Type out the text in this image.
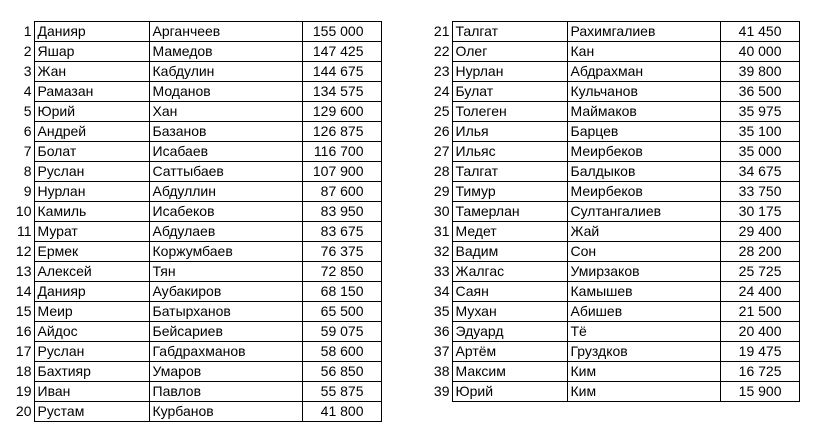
1	Данияр	Арганчеев	155 000
2	Яшар	Мамедов	147 425
3	Жан	Кабдулин	144 675
4	Рамазан	Моданов	134 575
5	Юрий	Хан	129 600
6	Андрей	Базанов	126 875
7	Болат	Исабаев	116 700
8	Руслан	Саттыбаев	107 900
9	Нурлан	Абдуллин	87 600
10	Камиль	Исабеков	83 950
11	Мурат	Абдулаев	83 675
12	Ермек	Коржумбаев	76 375
13	Алексей	Тян	72 850
14	Данияр	Аубакиров	68 150
15	Меир	Батырханов	65 500
16	Айдос	Бейсариев	59 075
17	Руслан	Габдрахманов	58 600
18	Бахтияр	Умаров	56 850
19	Иван	Павлов	55 875
20	Рустам	Курбанов	41 800
21	Талгат	Рахимгалиев	41 450
22	Олег	Кан	40 000
23	Нурлан	Абдрахман	39 800
24	Булат	Кульчанов	36 500
25	Толеген	Маймаков	35 975
26	Илья	Барцев	35 100
27	Ильяс	Меирбеков	35 000
28	Талгат	Балдыков	34 675
29	Тимур	Меирбеков	33 750
30	Тамерлан	Султангалиев	30 175
31	Медет	Жай	29 400
32	Вадим	Сон	28 200
33	Жалгас	Умирзаков	25 725
34	Саян	Камышев	24 400
35	Мухан	Абишев	21 500
36	Эдуард	Тё	20 400
37	Артём	Груздков	19 475
38	Максим	Ким	16 725
39	Юрий	Ким	15 900
